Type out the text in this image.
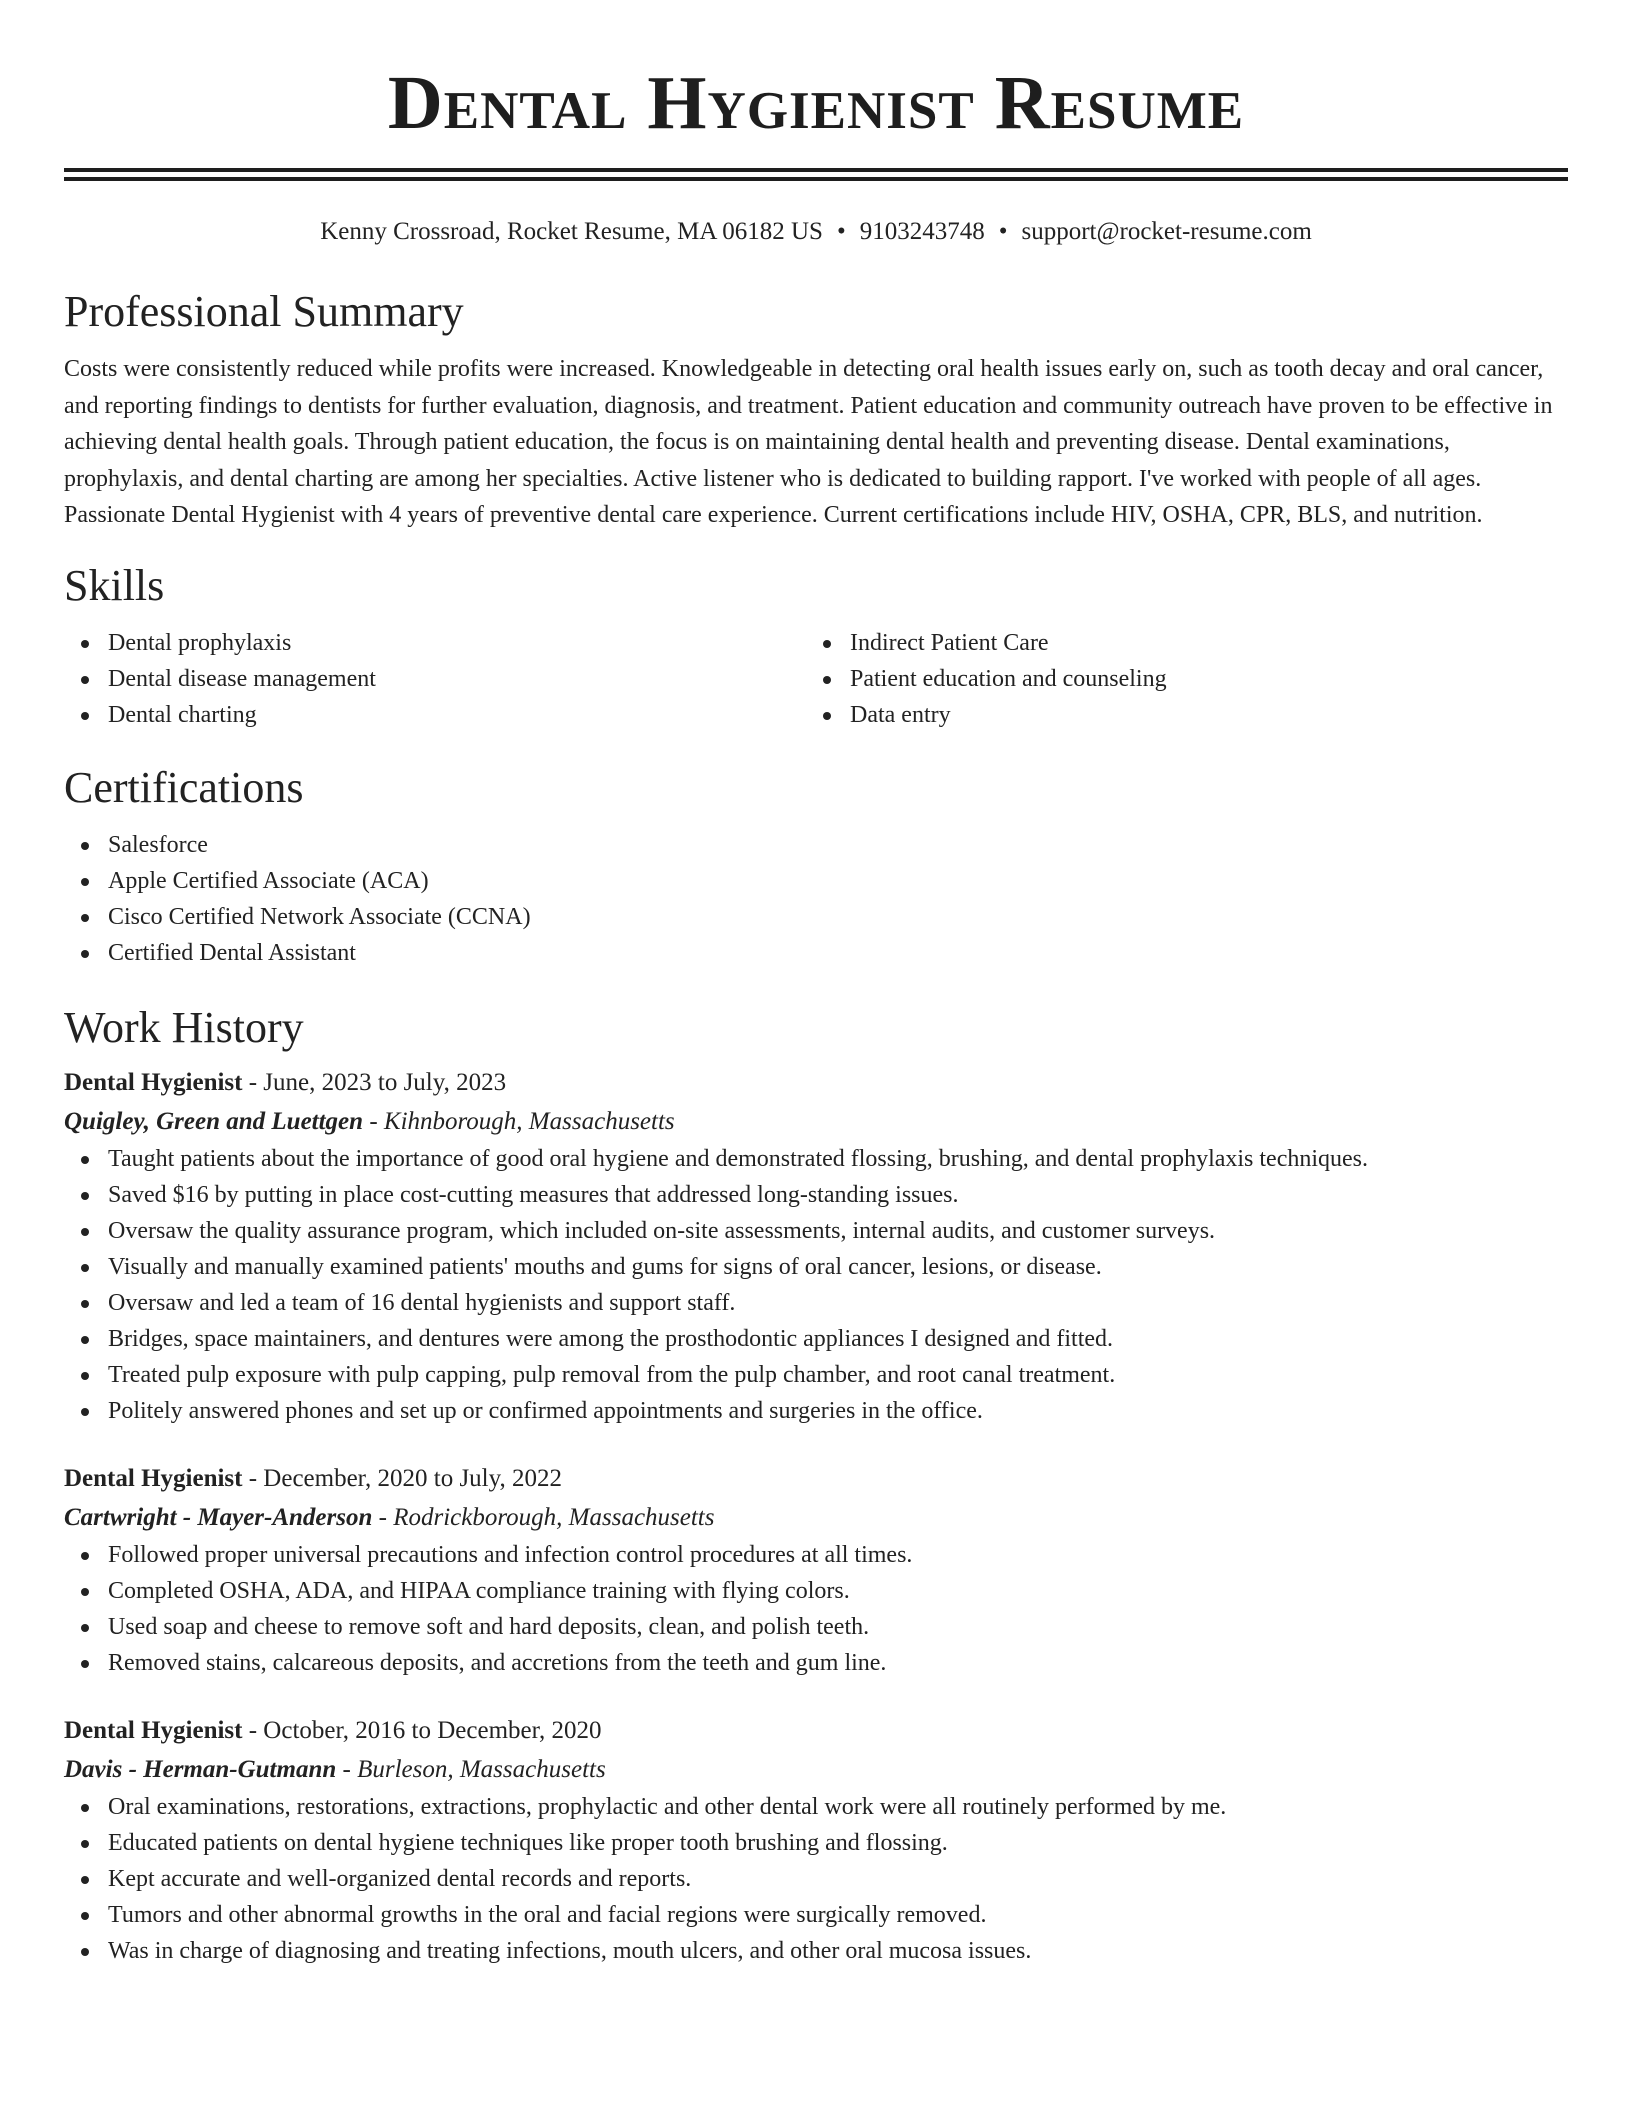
Dental Hygienist Resume
Kenny Crossroad, Rocket Resume, MA 06182 US • 9103243748 • support@rocket-resume.com
Professional Summary

Costs were consistently reduced while profits were increased. Knowledgeable in detecting oral health issues early on, such as tooth decay and oral cancer, and reporting findings to dentists for further evaluation, diagnosis, and treatment. Patient education and community outreach have proven to be effective in achieving dental health goals. Through patient education, the focus is on maintaining dental health and preventing disease. Dental examinations, prophylaxis, and dental charting are among her specialties. Active listener who is dedicated to building rapport. I've worked with people of all ages. Passionate Dental Hygienist with 4 years of preventive dental care experience. Current certifications include HIV, OSHA, CPR, BLS, and nutrition.

Skills
Dental prophylaxis
Dental disease management
Dental charting
Indirect Patient Care
Patient education and counseling
Data entry
Certifications
Salesforce
Apple Certified Associate (ACA)
Cisco Certified Network Associate (CCNA)
Certified Dental Assistant
Work History
Dental Hygienist - June, 2023 to July, 2023
Quigley, Green and Luettgen - Kihnborough, Massachusetts
Taught patients about the importance of good oral hygiene and demonstrated flossing, brushing, and dental prophylaxis techniques.
Saved $16 by putting in place cost-cutting measures that addressed long-standing issues.
Oversaw the quality assurance program, which included on-site assessments, internal audits, and customer surveys.
Visually and manually examined patients' mouths and gums for signs of oral cancer, lesions, or disease.
Oversaw and led a team of 16 dental hygienists and support staff.
Bridges, space maintainers, and dentures were among the prosthodontic appliances I designed and fitted.
Treated pulp exposure with pulp capping, pulp removal from the pulp chamber, and root canal treatment.
Politely answered phones and set up or confirmed appointments and surgeries in the office.
Dental Hygienist - December, 2020 to July, 2022
Cartwright - Mayer-Anderson - Rodrickborough, Massachusetts
Followed proper universal precautions and infection control procedures at all times.
Completed OSHA, ADA, and HIPAA compliance training with flying colors.
Used soap and cheese to remove soft and hard deposits, clean, and polish teeth.
Removed stains, calcareous deposits, and accretions from the teeth and gum line.
Dental Hygienist - October, 2016 to December, 2020
Davis - Herman-Gutmann - Burleson, Massachusetts
Oral examinations, restorations, extractions, prophylactic and other dental work were all routinely performed by me.
Educated patients on dental hygiene techniques like proper tooth brushing and flossing.
Kept accurate and well-organized dental records and reports.
Tumors and other abnormal growths in the oral and facial regions were surgically removed.
Was in charge of diagnosing and treating infections, mouth ulcers, and other oral mucosa issues.
